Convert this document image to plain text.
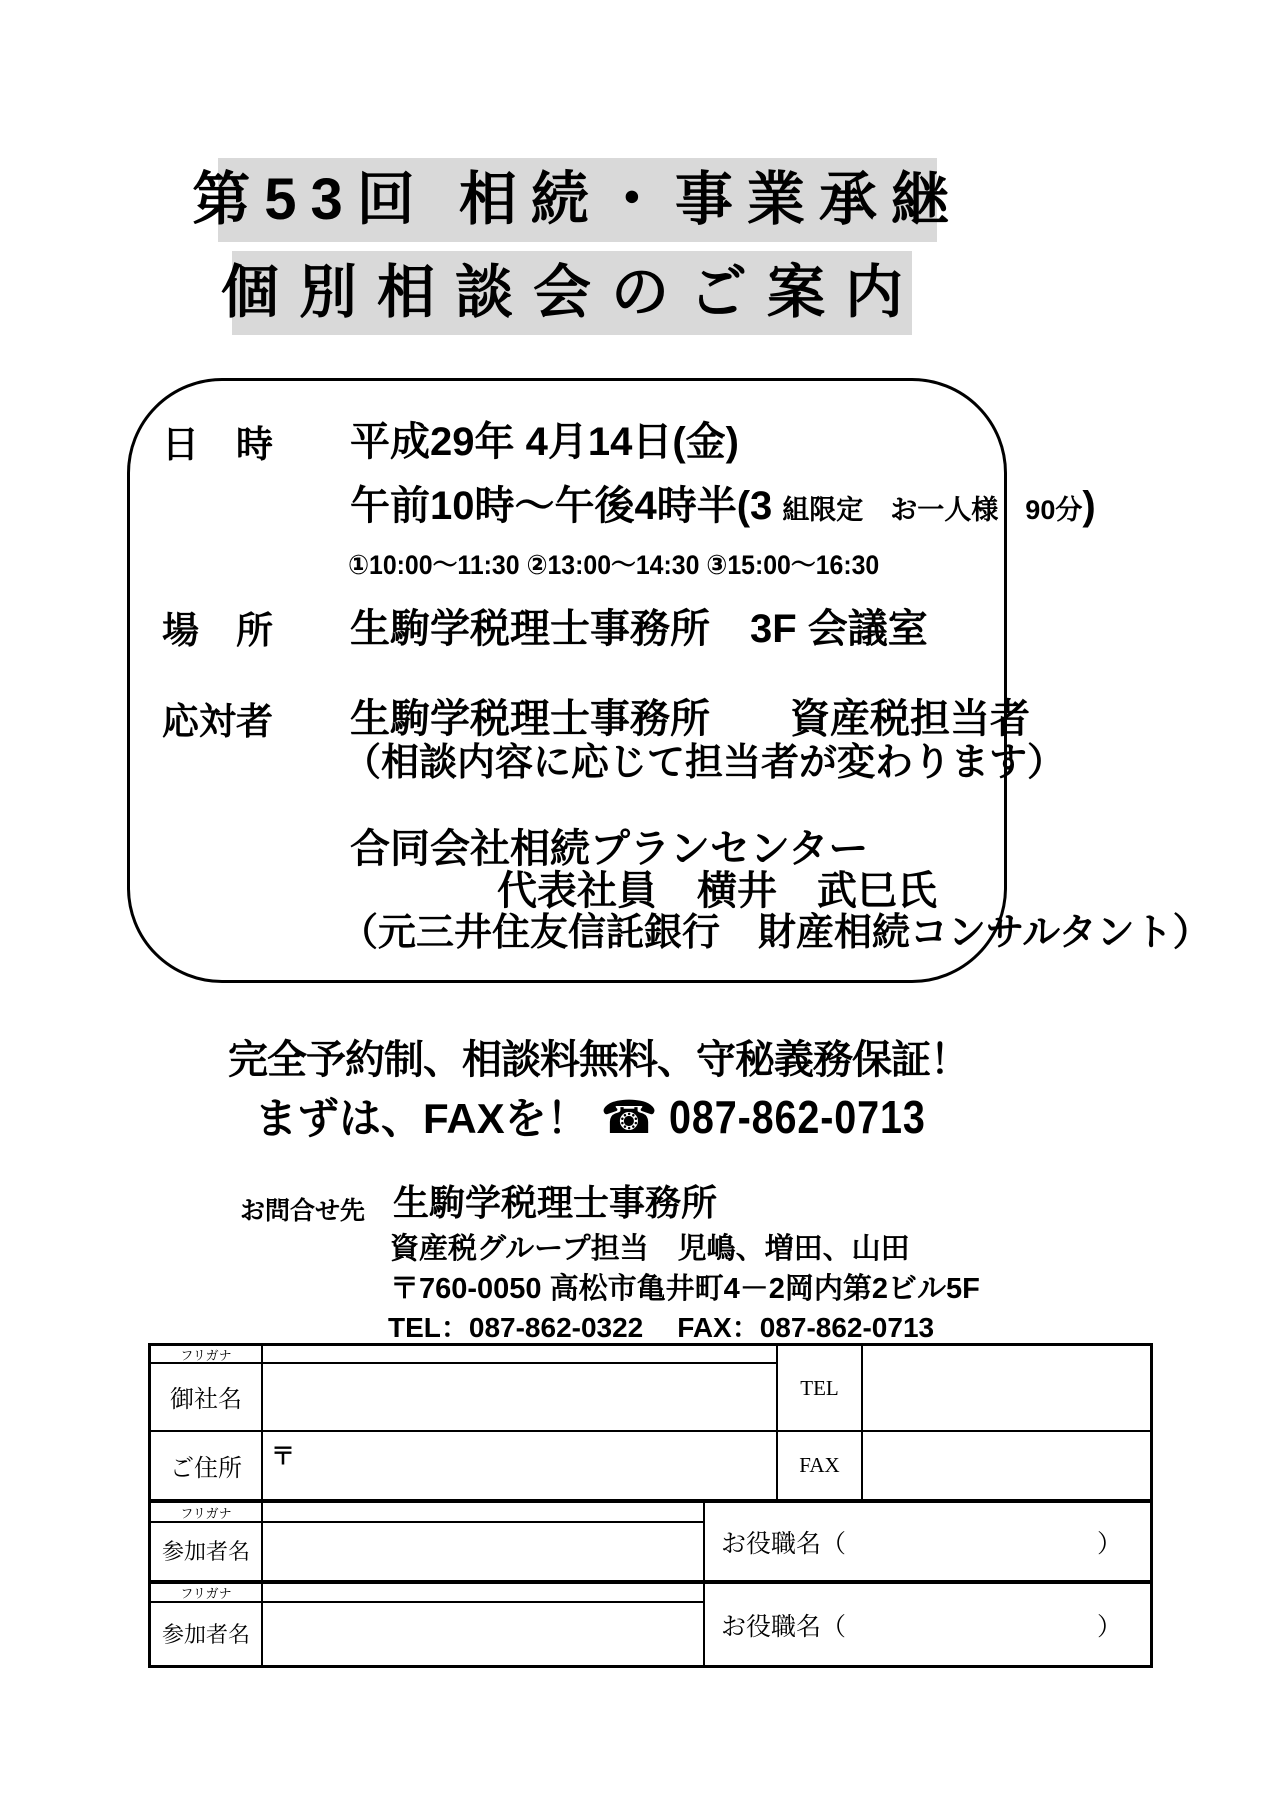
第53回 相続・事業承継
個別相談会のご案内
日　時 平成29年 4月14日(金)
午前10時～午後4時半(3 組限定　お一人様　90分)
①10:00～11:30 ②13:00～14:30 ③15:00～16:30
場　所 生駒学税理士事務所　3F 会議室
応対者 生駒学税理士事務所　　資産税担当者
（相談内容に応じて担当者が変わります）
合同会社相続プランセンター
代表社員　横井　武巳氏
（元三井住友信託銀行　財産相続コンサルタント）
完全予約制、相談料無料、守秘義務保証！
まずは、FAXを！ ☎ 087-862-0713
お問合せ先 生駒学税理士事務所
資産税グループ担当　児嶋、増田、山田
〒760-0050 高松市亀井町4－2岡内第2ビル5F
TEL：087-862-0322 FAX：087-862-0713
フリガナ
御社名
ご住所
フリガナ
参加者名
フリガナ
参加者名
〒
TEL
FAX
お役職名（	）
お役職名（	）
